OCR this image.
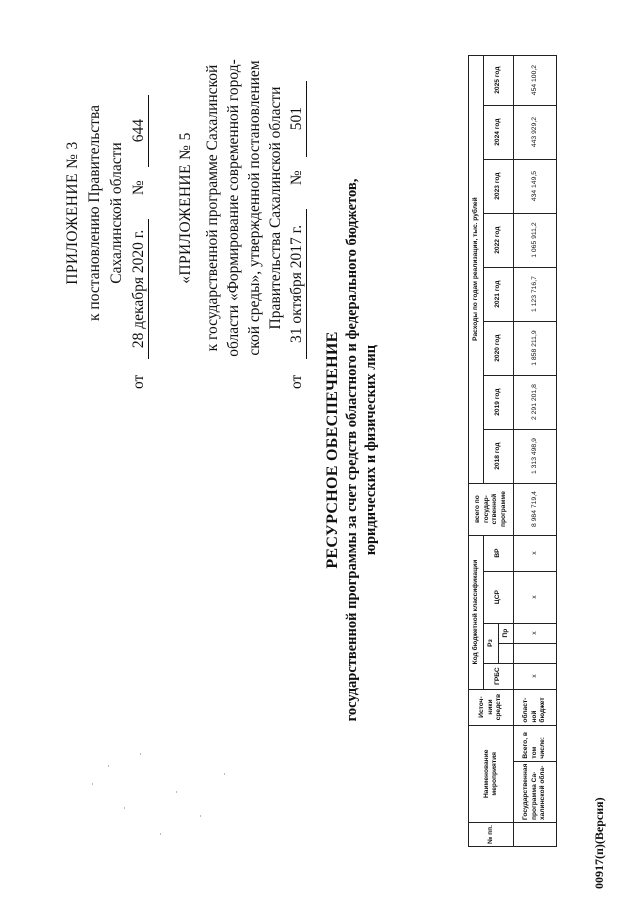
ПРИЛОЖЕНИЕ № 3 к постановлению Правительства Сахалинской области
от  28 декабря 2020 г.  №  644
«ПРИЛОЖЕНИЕ № 5 к государственной программе Сахалинской области «Формирование современной город- ской среды», утвержденной постановлением Правительства Сахалинской области
от  31 октября 2017 г.  №  501
РЕСУРСНОЕ ОБЕСПЕЧЕНИЕ государственной программы за счет средств областного и федерального бюджетов, юридических и физических лиц
№ пп.	Наименование мероприятия		Источ-ники средств	Код бюджетной классификации					всего по государ-ственной программе	Расходы по годам реализации, тыс. рублей							
				ГРБС	Рз		ЦСР	ВР		2018 год	2019 год	2020 год	2021 год	2022 год	2023 год	2024 год	2025 год
						Пр											
	Государственная программа Са-халинской обла-	Всего, в том числе:	област-ной бюджет	х		х	х	х	8 984 719,4	1 313 498,9	2 291 201,8	1 858 211,9	1 123 716,7	1 065 911,2	434 149,5	443 929,2	454 100,2
00917(п)(Версия)
